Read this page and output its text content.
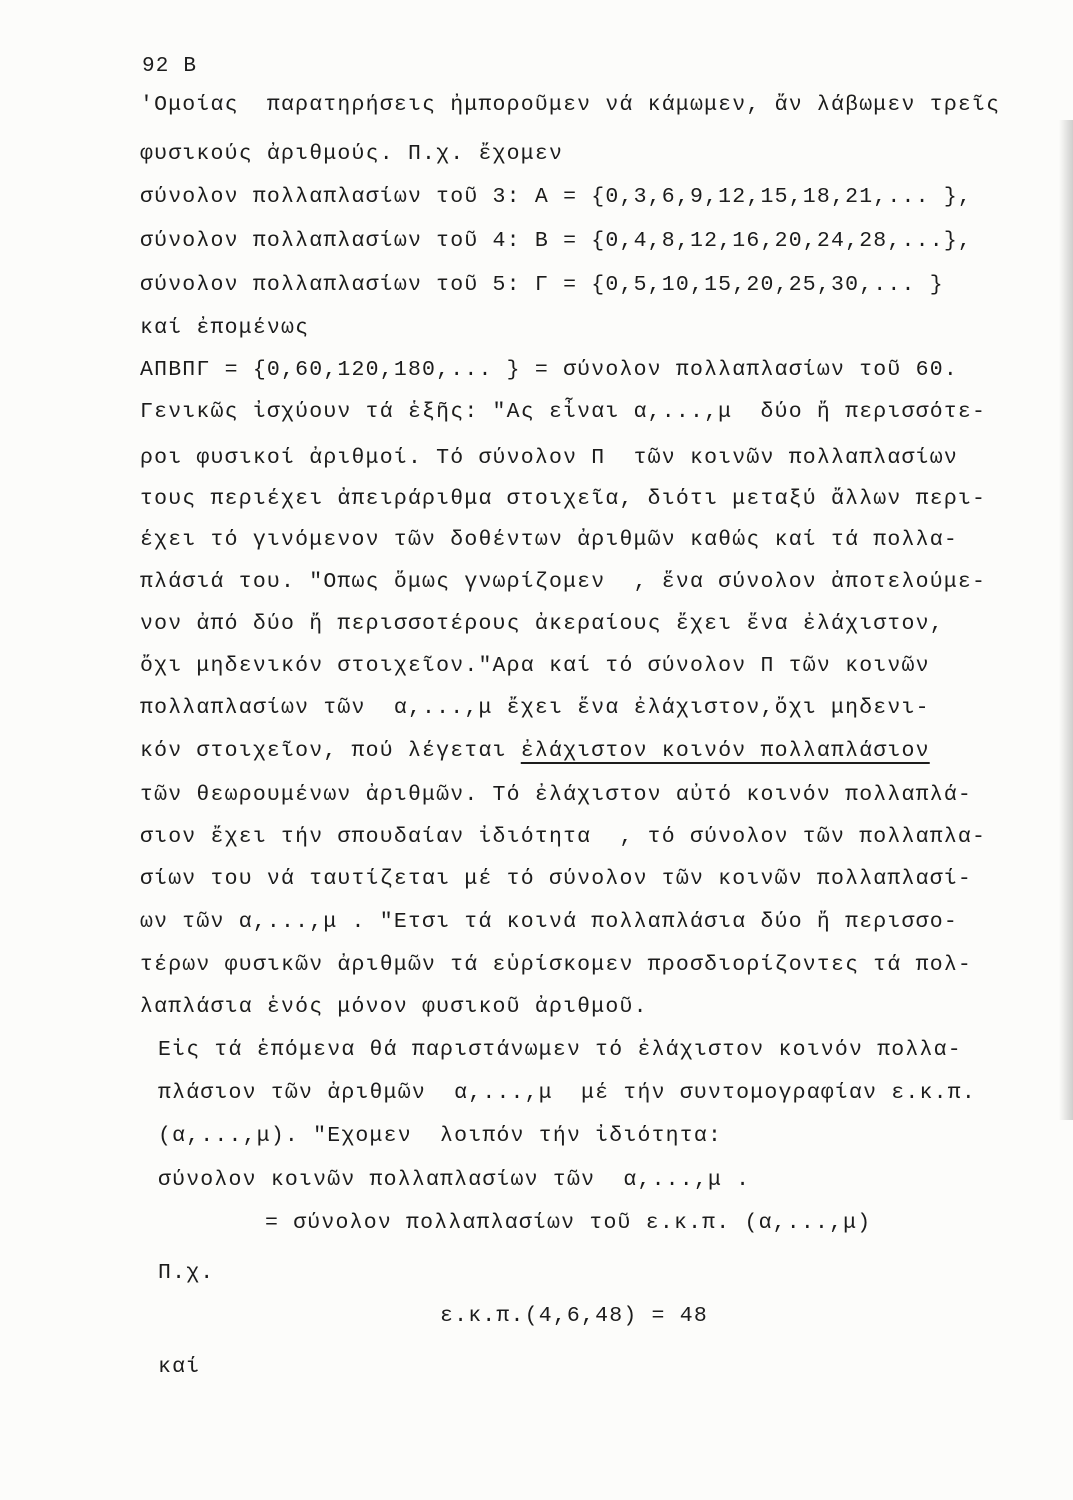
92 B
'Ομοίας  παρατηρήσεις ἠμποροῦμεν νά κάμωμεν, ἄν λάβωμεν τρεῖς
φυσικούς ἀριθμούς. Π.χ. ἔχομεν
σύνολον πολλαπλασίων τοῦ 3: Α = {0,3,6,9,12,15,18,21,... },
σύνολον πολλαπλασίων τοῦ 4: Β = {0,4,8,12,16,20,24,28,...},
σύνολον πολλαπλασίων τοῦ 5: Γ = {0,5,10,15,20,25,30,... }
καί ἐπομένως
ΑΠΒΠΓ = {0,60,120,180,... } = σύνολον πολλαπλασίων τοῦ 60.
Γενικῶς ἰσχύουν τά ἑξῆς: "Ας εἶναι α,...,μ  δύο ἤ περισσότε-
ροι φυσικοί ἀριθμοί. Τό σύνολον Π  τῶν κοινῶν πολλαπλασίων
τους περιέχει ἀπειράριθμα στοιχεῖα, διότι μεταξύ ἄλλων περι-
έχει τό γινόμενον τῶν δοθέντων ἀριθμῶν καθώς καί τά πολλα-
πλάσιά του. "Οπως ὅμως γνωρίζομεν  , ἕνα σύνολον ἀποτελούμε-
νον ἀπό δύο ἤ περισσοτέρους ἀκεραίους ἔχει ἕνα ἐλάχιστον,
ὄχι μηδενικόν στοιχεῖον."Αρα καί τό σύνολον Π τῶν κοινῶν
πολλαπλασίων τῶν  α,...,μ ἔχει ἕνα ἐλάχιστον,ὄχι μηδενι-
κόν στοιχεῖον, πού λέγεται ἐλάχιστον κοινόν πολλαπλάσιον
τῶν θεωρουμένων ἀριθμῶν. Τό ἐλάχιστον αὐτό κοινόν πολλαπλά-
σιον ἔχει τήν σπουδαίαν ἰδιότητα  , τό σύνολον τῶν πολλαπλα-
σίων του νά ταυτίζεται μέ τό σύνολον τῶν κοινῶν πολλαπλασί-
ων τῶν α,...,μ . "Ετσι τά κοινά πολλαπλάσια δύο ἤ περισσο-
τέρων φυσικῶν ἀριθμῶν τά εὑρίσκομεν προσδιορίζοντες τά πολ-
λαπλάσια ἑνός μόνον φυσικοῦ ἀριθμοῦ.
Εἰς τά ἑπόμενα θά παριστάνωμεν τό ἐλάχιστον κοινόν πολλα-
πλάσιον τῶν ἀριθμῶν  α,...,μ  μέ τήν συντομογραφίαν ε.κ.π.
(α,...,μ). "Εχομεν  λοιπόν τήν ἰδιότητα:
σύνολον κοινῶν πολλαπλασίων τῶν  α,...,μ .
= σύνολον πολλαπλασίων τοῦ ε.κ.π. (α,...,μ)
Π.χ.
ε.κ.π.(4,6,48) = 48
καί
